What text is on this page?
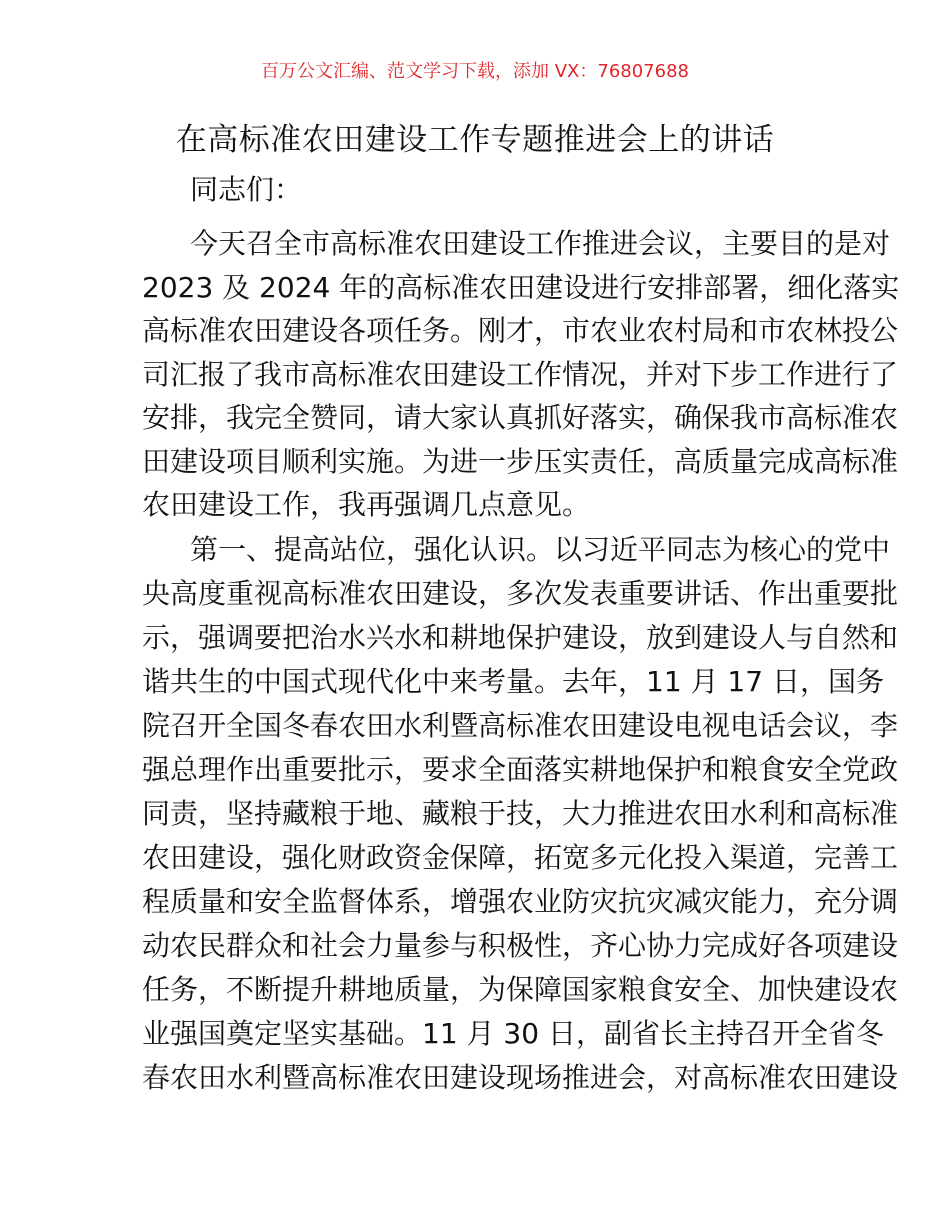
百万公文汇编、范文学习下载，添加 VX：76807688
在高标准农田建设工作专题推进会上的讲话
同志们：
今天召全市高标准农田建设工作推进会议，主要目的是对
2023 及 2024 年的高标准农田建设进行安排部署，细化落实
高标准农田建设各项任务。刚才，市农业农村局和市农林投公
司汇报了我市高标准农田建设工作情况，并对下步工作进行了
安排，我完全赞同，请大家认真抓好落实，确保我市高标准农
田建设项目顺利实施。为进一步压实责任，高质量完成高标准
农田建设工作，我再强调几点意见。
第一、提高站位，强化认识。以习近平同志为核心的党中
央高度重视高标准农田建设，多次发表重要讲话、作出重要批
示，强调要把治水兴水和耕地保护建设，放到建设人与自然和
谐共生的中国式现代化中来考量。去年，11 月 17 日，国务
院召开全国冬春农田水利暨高标准农田建设电视电话会议，李
强总理作出重要批示，要求全面落实耕地保护和粮食安全党政
同责，坚持藏粮于地、藏粮于技，大力推进农田水利和高标准
农田建设，强化财政资金保障，拓宽多元化投入渠道，完善工
程质量和安全监督体系，增强农业防灾抗灾减灾能力，充分调
动农民群众和社会力量参与积极性，齐心协力完成好各项建设
任务，不断提升耕地质量，为保障国家粮食安全、加快建设农
业强国奠定坚实基础。11 月 30 日，副省长主持召开全省冬
春农田水利暨高标准农田建设现场推进会，对高标准农田建设
